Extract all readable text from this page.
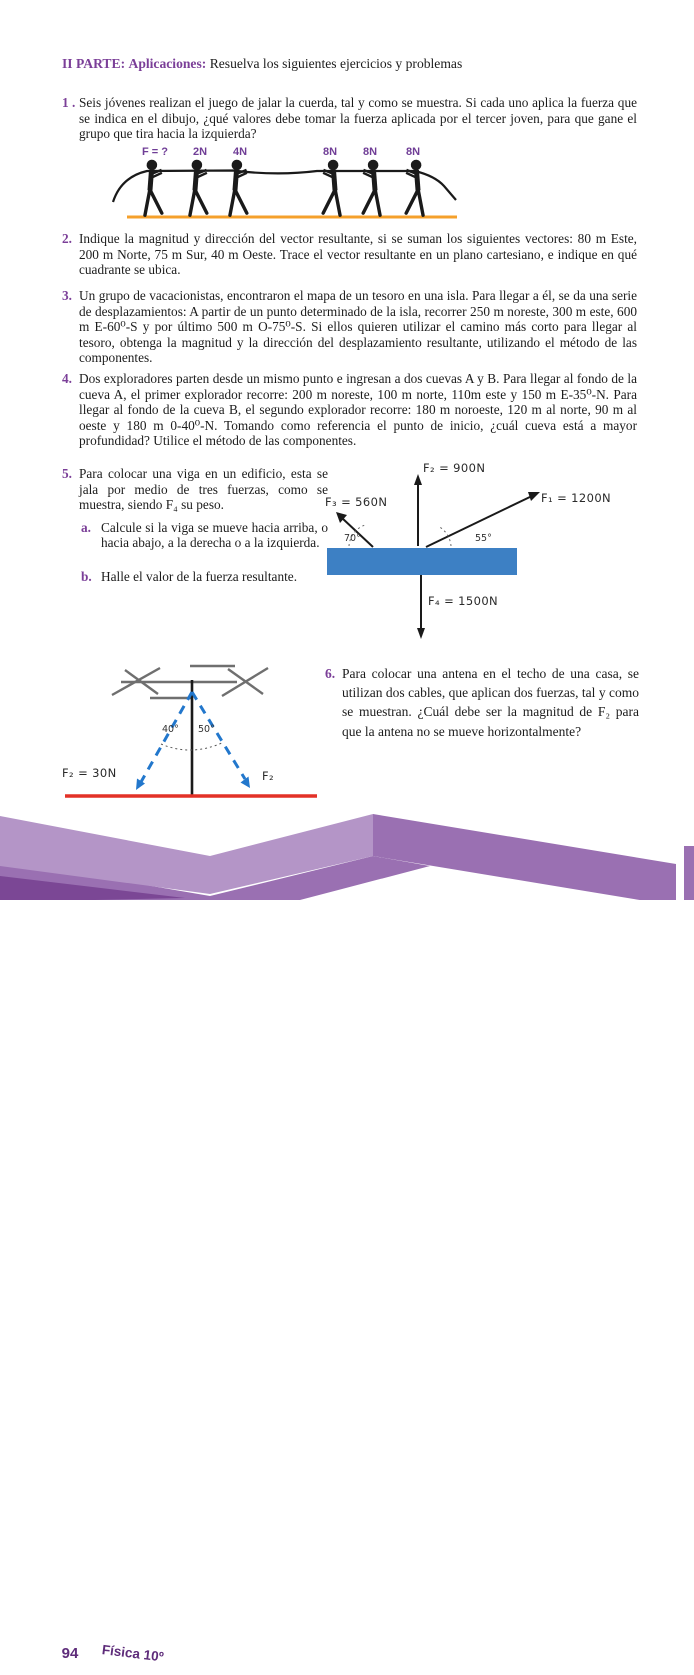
II PARTE: Aplicaciones: Resuelva los siguientes ejercicios y problemas
1 . Seis jóvenes realizan el juego de jalar la cuerda, tal y como se muestra. Si cada uno aplica la fuerza que se indica en el dibujo, ¿qué valores debe tomar la fuerza aplicada por el tercer joven, para que gane el grupo que tira hacia la izquierda?
F = ?	2N	4N	8N	8N	8N
2. Indique la magnitud y dirección del vector resultante, si se suman los siguientes vectores: 80 m Este, 200 m Norte, 75 m Sur, 40 m Oeste. Trace el vector resultante en un plano cartesiano, e indique en qué cuadrante se ubica.
3. Un grupo de vacacionistas, encontraron el mapa de un tesoro en una isla. Para llegar a él, se da una serie de desplazamientos: A partir de un punto determinado de la isla, recorrer 250 m noreste, 300 m este, 600 m E-60⁰-S y por último 500 m O-75⁰-S. Si ellos quieren utilizar el camino más corto para llegar al tesoro, obtenga la magnitud y la dirección del desplazamiento resultante, utilizando el método de las componentes.
4. Dos exploradores parten desde un mismo punto e ingresan a dos cuevas A y B. Para llegar al fondo de la cueva A, el primer explorador recorre: 200 m noreste, 100 m norte, 110m este y 150 m E-35⁰-N. Para llegar al fondo de la cueva B, el segundo explorador recorre: 180 m noroeste, 120 m al norte, 90 m al oeste y 180 m 0-40⁰-N. Tomando como referencia el punto de inicio, ¿cuál cueva está a mayor profundidad? Utilice el método de las componentes.
5. Para colocar una viga en un edificio, esta se jala por medio de tres fuerzas, como se muestra, siendo F₄ su peso.
a. Calcule si la viga se mueve hacia arriba, o hacia abajo, a la derecha o a la izquierda.
b. Halle el valor de la fuerza resultante.
F₂ = 900N
F₃ = 560N	F₁ = 1200N
F₄ = 1500N
70°	55°
40° 50°
F₂ = 30N	F₂
6. Para colocar una antena en el techo de una casa, se utilizan dos cables, que aplican dos fuerzas, tal y como se muestran. ¿Cuál debe ser la magnitud de F₂ para que la antena no se mueve horizontalmente?
94 Física 10º
